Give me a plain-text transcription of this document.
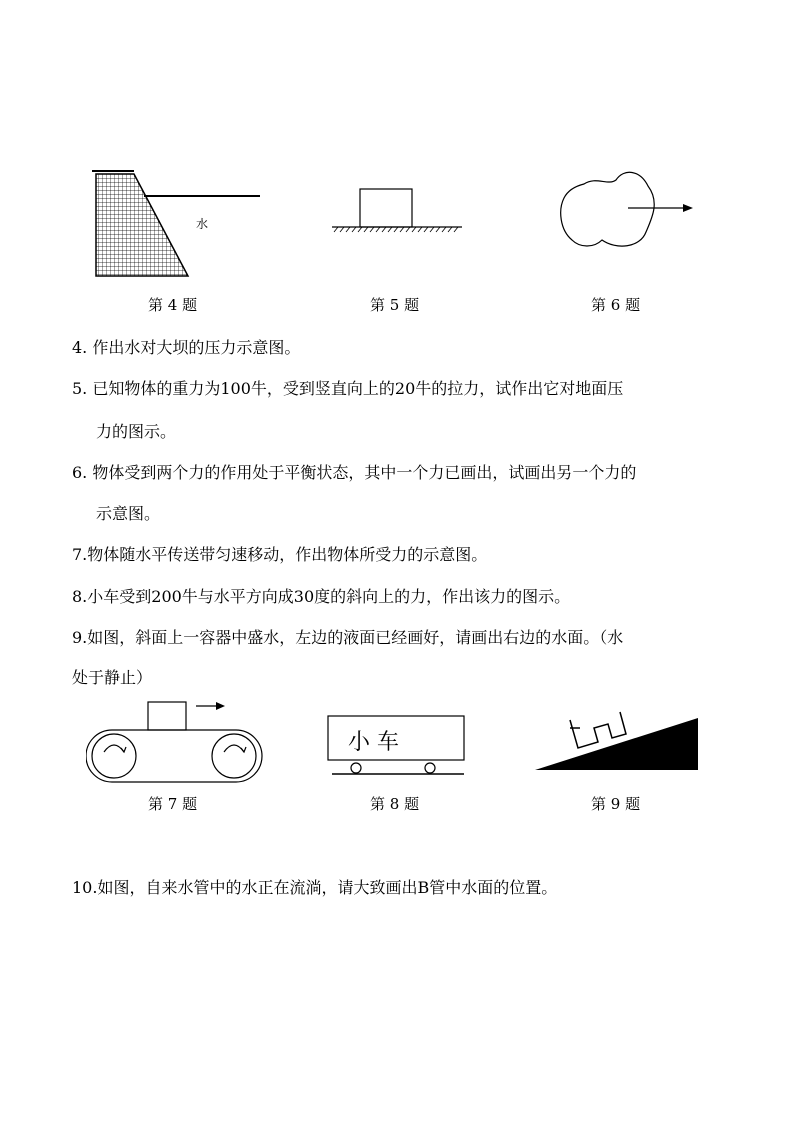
水
第 4 题	第 5 题	第 6 题
4. 作出水对大坝的压力示意图。
5. 已知物体的重力为100牛，受到竖直向上的20牛的拉力，试作出它对地面压
力的图示。
6. 物体受到两个力的作用处于平衡状态，其中一个力已画出，试画出另一个力的
示意图。
7.物体随水平传送带匀速移动，作出物体所受力的示意图。
8.小车受到200牛与水平方向成30度的斜向上的力，作出该力的图示。
9.如图，斜面上一容器中盛水，左边的液面已经画好，请画出右边的水面。（水
处于静止）
第 7 题
小 车
第 8 题	第 9 题
10.如图，自来水管中的水正在流淌，请大致画出B管中水面的位置。
